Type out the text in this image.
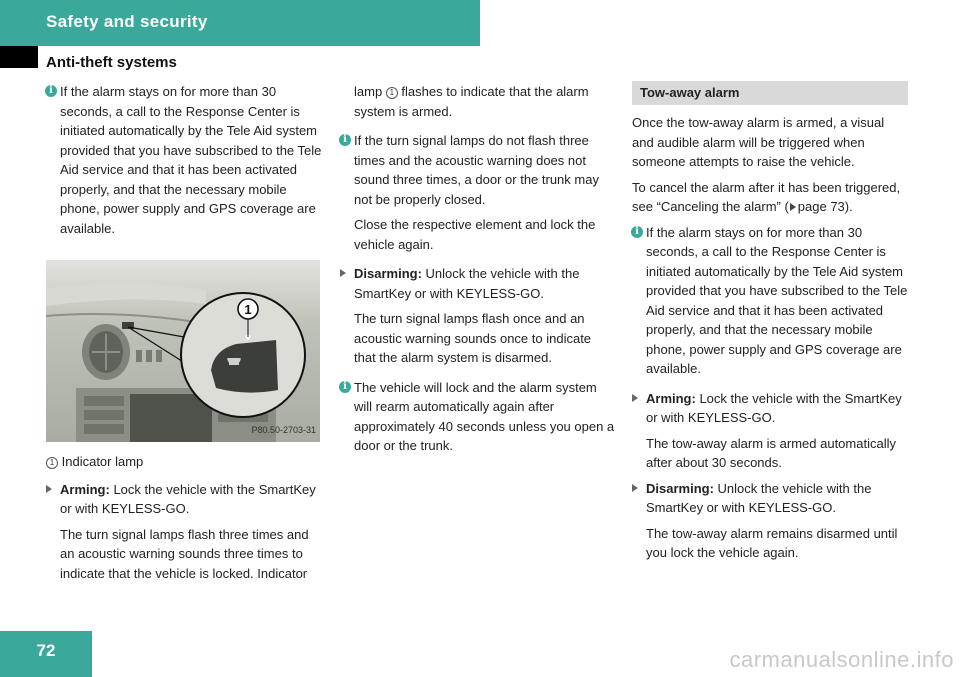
Safety and security
Anti-theft systems
i If the alarm stays on for more than 30 seconds, a call to the Response Center is initiated automatically by the Tele Aid system provided that you have subscribed to the Tele Aid service and that it has been activated properly, and that the necessary mobile phone, power supply and GPS coverage are available.
1
P80.50-2703-31
1 Indicator lamp
Arming: Lock the vehicle with the SmartKey or with KEYLESS-GO.
The turn signal lamps flash three times and an acoustic warning sounds three times to indicate that the vehicle is locked. Indicator
lamp 1 flashes to indicate that the alarm system is armed.
i If the turn signal lamps do not flash three times and the acoustic warning does not sound three times, a door or the trunk may not be properly closed.
Close the respective element and lock the vehicle again.
Disarming: Unlock the vehicle with the SmartKey or with KEYLESS-GO.
The turn signal lamps flash once and an acoustic warning sounds once to indicate that the alarm system is disarmed.
i The vehicle will lock and the alarm system will rearm automatically again after approximately 40 seconds unless you open a door or the trunk.
Tow-away alarm
Once the tow-away alarm is armed, a visual and audible alarm will be triggered when someone attempts to raise the vehicle.
To cancel the alarm after it has been triggered, see “Canceling the alarm” ( page 73).
i If the alarm stays on for more than 30 seconds, a call to the Response Center is initiated automatically by the Tele Aid system provided that you have subscribed to the Tele Aid service and that it has been activated properly, and that the necessary mobile phone, power supply and GPS coverage are available.
Arming: Lock the vehicle with the SmartKey or with KEYLESS-GO.
The tow-away alarm is armed automatically after about 30 seconds.
Disarming: Unlock the vehicle with the SmartKey or with KEYLESS-GO.
The tow-away alarm remains disarmed until you lock the vehicle again.
72	carmanualsonline.info
